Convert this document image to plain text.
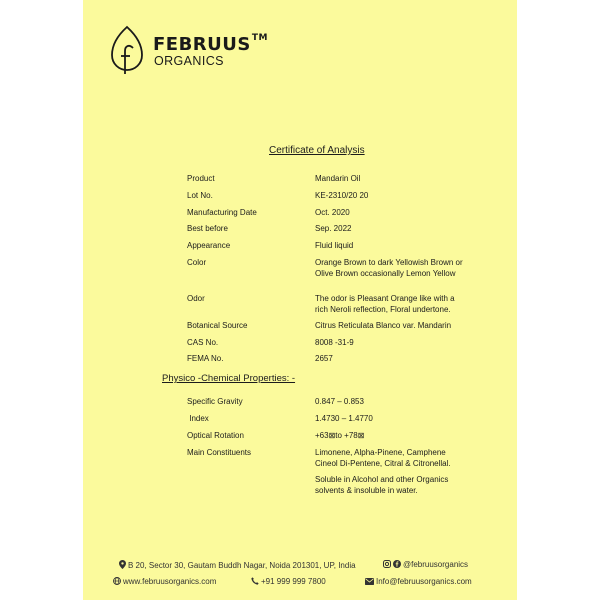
FEBRUUS™
ORGANICS
Certificate of Analysis
Product	Mandarin Oil
Lot No.	KE-2310/20 20
Manufacturing Date	Oct. 2020
Best before	Sep. 2022
Appearance	Fluid liquid
Color	Orange Brown to dark Yellowish Brown or Olive Brown occasionally Lemon Yellow
Odor	The odor is Pleasant Orange like with a rich Neroli reflection, Floral undertone.
Botanical Source	Citrus Reticulata Blanco var. Mandarin
CAS No.	8008 -31-9
FEMA No.	2657
Physico -Chemical Properties: -
Specific Gravity	0.847 – 0.853
Index	1.4730 – 1.4770
Optical Rotation	+63⊠to +78⊠
Main Constituents	Limonene, Alpha-Pinene, Camphene Cineol Di-Pentene, Citral & Citronellal.
Soluble in Alcohol and other Organics solvents & insoluble in water.
B 20, Sector 30, Gautam Buddh Nagar, Noida 201301, UP, India	@februusorganics
www.februusorganics.com	+91 999 999 7800	Info@februusorganics.com
